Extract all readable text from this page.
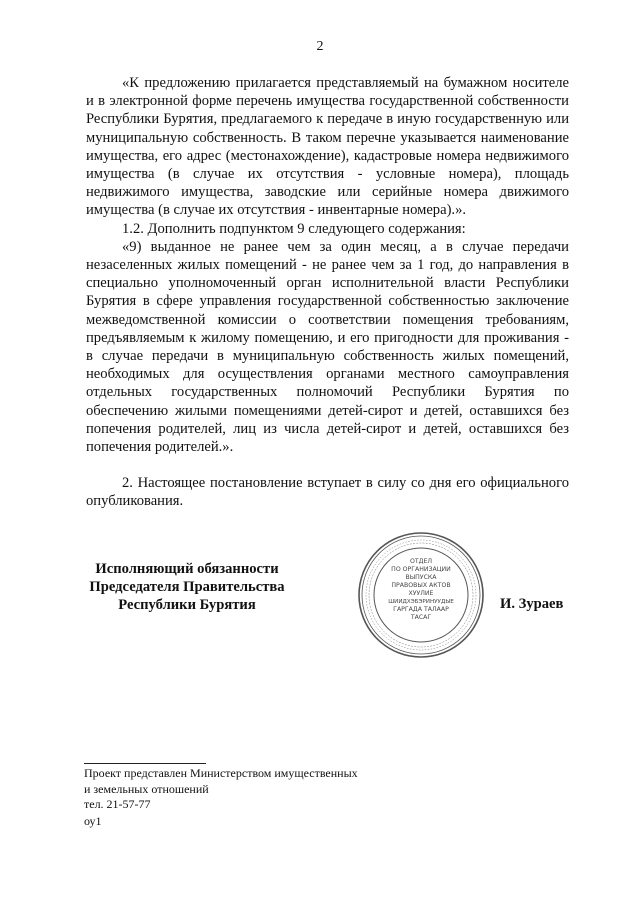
2

«К предложению прилагается представляемый на бумажном носителе и в электронной форме перечень имущества государственной собственности Республики Бурятия, предлагаемого к передаче в иную государственную или муниципальную собственность. В таком перечне указывается наименование имущества, его адрес (местонахождение), кадастровые номера недвижимого имущества (в случае их отсутствия - условные номера), площадь недвижимого имущества, заводские или серийные номера движимого имущества (в случае их отсутствия - инвентарные номера).».

1.2. Дополнить подпунктом 9 следующего содержания:

«9) выданное не ранее чем за один месяц, а в случае передачи незаселенных жилых помещений - не ранее чем за 1 год, до направления в специально уполномоченный орган исполнительной власти Республики Бурятия в сфере управления государственной собственностью заключение межведомственной комиссии о соответствии помещения требованиям, предъявляемым к жилому помещению, и его пригодности для проживания - в случае передачи в муниципальную собственность жилых помещений, необходимых для осуществления органами местного самоуправления отдельных государственных полномочий Республики Бурятия по обеспечению жилыми помещениями детей-сирот и детей, оставшихся без попечения родителей, лиц из числа детей-сирот и детей, оставшихся без попечения родителей.».

2. Настоящее постановление вступает в силу со дня его официального опубликования.

Исполняющий обязанности
Председателя Правительства
Республики Бурятия
ОТДЕЛ
ПО ОРГАНИЗАЦИИ
ВЫПУСКА
ПРАВОВЫХ АКТОВ
ХУУЛИЕ
ШИИДХЭБЭРИНУУДЫЕ
ГАРГАДА ТАЛААР
ТАСАГ
И. Зураев
Проект представлен Министерством имущественных
и земельных отношений
тел. 21-57-77
оу1
